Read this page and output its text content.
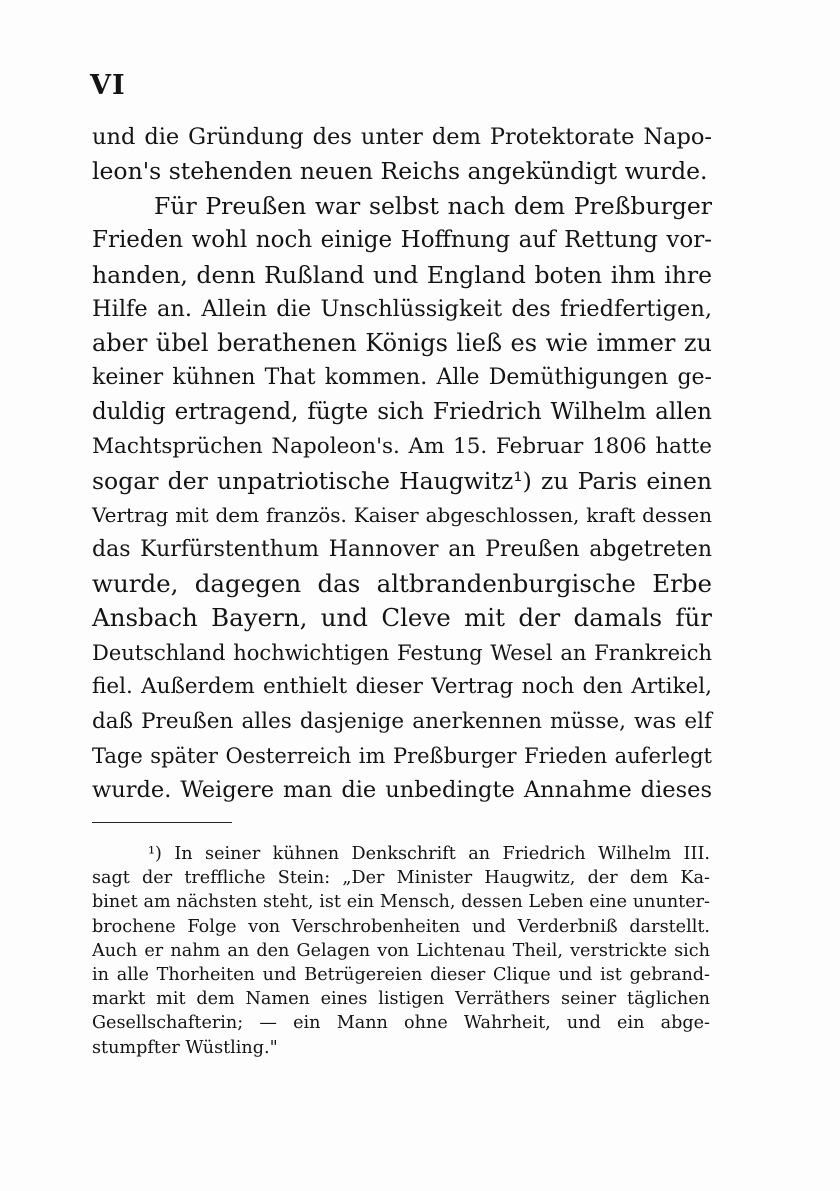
VI
und die Gründung des unter dem Protektorate Napo-
leon's stehenden neuen Reichs angekündigt wurde.
Für Preußen war selbst nach dem Preßburger
Frieden wohl noch einige Hoffnung auf Rettung vor-
handen, denn Rußland und England boten ihm ihre
Hilfe an. Allein die Unschlüssigkeit des friedfertigen,
aber übel berathenen Königs ließ es wie immer zu
keiner kühnen That kommen. Alle Demüthigungen ge-
duldig ertragend, fügte sich Friedrich Wilhelm allen
Machtsprüchen Napoleon's. Am 15. Februar 1806 hatte
sogar der unpatriotische Haugwitz¹) zu Paris einen
Vertrag mit dem französ. Kaiser abgeschlossen, kraft dessen
das Kurfürstenthum Hannover an Preußen abgetreten
wurde, dagegen das altbrandenburgische Erbe
Ansbach Bayern, und Cleve mit der damals für
Deutschland hochwichtigen Festung Wesel an Frankreich
fiel. Außerdem enthielt dieser Vertrag noch den Artikel,
daß Preußen alles dasjenige anerkennen müsse, was elf
Tage später Oesterreich im Preßburger Frieden auferlegt
wurde. Weigere man die unbedingte Annahme dieses
¹) In seiner kühnen Denkschrift an Friedrich Wilhelm III.
sagt der treffliche Stein: „Der Minister Haugwitz, der dem Ka-
binet am nächsten steht, ist ein Mensch, dessen Leben eine ununter-
brochene Folge von Verschrobenheiten und Verderbniß darstellt.
Auch er nahm an den Gelagen von Lichtenau Theil, verstrickte sich
in alle Thorheiten und Betrügereien dieser Clique und ist gebrand-
markt mit dem Namen eines listigen Verräthers seiner täglichen
Gesellschafterin; — ein Mann ohne Wahrheit, und ein abge-
stumpfter Wüstling."
